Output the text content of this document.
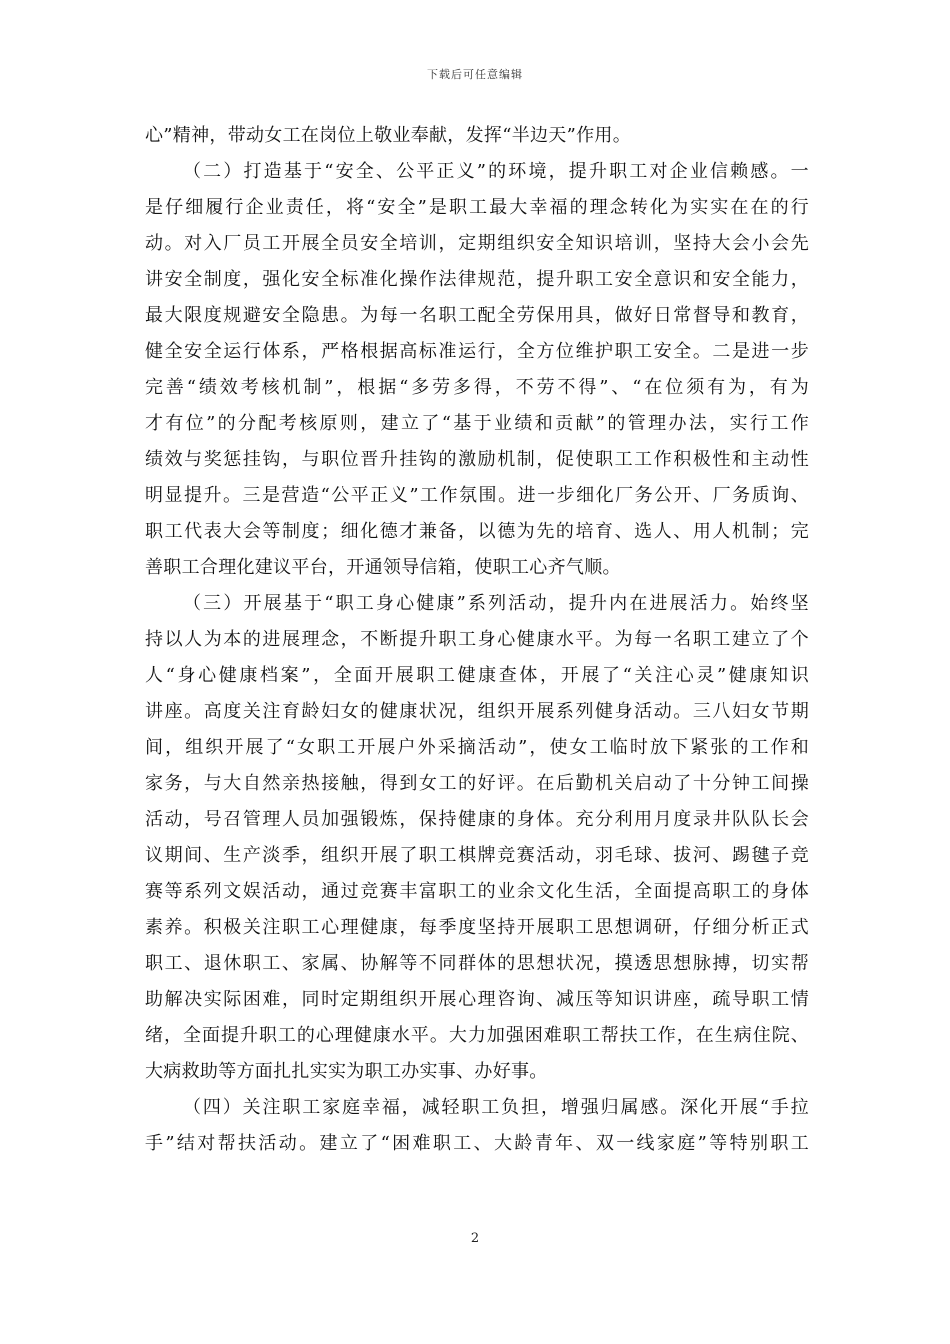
下载后可任意编辑
心”精神，带动女工在岗位上敬业奉献，发挥“半边天”作用。
（二）打造基于“安全、公平正义”的环境，提升职工对企业信赖感。一
是仔细履行企业责任，将“安全”是职工最大幸福的理念转化为实实在在的行
动。对入厂员工开展全员安全培训，定期组织安全知识培训，坚持大会小会先
讲安全制度，强化安全标准化操作法律规范，提升职工安全意识和安全能力，
最大限度规避安全隐患。为每一名职工配全劳保用具，做好日常督导和教育，
健全安全运行体系，严格根据高标准运行，全方位维护职工安全。二是进一步
完善“绩效考核机制”，根据“多劳多得，不劳不得”、“在位须有为，有为
才有位”的分配考核原则，建立了“基于业绩和贡献”的管理办法，实行工作
绩效与奖惩挂钩，与职位晋升挂钩的激励机制，促使职工工作积极性和主动性
明显提升。三是营造“公平正义”工作氛围。进一步细化厂务公开、厂务质询、
职工代表大会等制度；细化德才兼备，以德为先的培育、选人、用人机制；完
善职工合理化建议平台，开通领导信箱，使职工心齐气顺。
（三）开展基于“职工身心健康”系列活动，提升内在进展活力。始终坚
持以人为本的进展理念，不断提升职工身心健康水平。为每一名职工建立了个
人“身心健康档案”，全面开展职工健康查体，开展了“关注心灵”健康知识
讲座。高度关注育龄妇女的健康状况，组织开展系列健身活动。三八妇女节期
间，组织开展了“女职工开展户外采摘活动”，使女工临时放下紧张的工作和
家务，与大自然亲热接触，得到女工的好评。在后勤机关启动了十分钟工间操
活动，号召管理人员加强锻炼，保持健康的身体。充分利用月度录井队队长会
议期间、生产淡季，组织开展了职工棋牌竞赛活动，羽毛球、拔河、踢毽子竞
赛等系列文娱活动，通过竞赛丰富职工的业余文化生活，全面提高职工的身体
素养。积极关注职工心理健康，每季度坚持开展职工思想调研，仔细分析正式
职工、退休职工、家属、协解等不同群体的思想状况，摸透思想脉搏，切实帮
助解决实际困难，同时定期组织开展心理咨询、减压等知识讲座，疏导职工情
绪，全面提升职工的心理健康水平。大力加强困难职工帮扶工作，在生病住院、
大病救助等方面扎扎实实为职工办实事、办好事。
（四）关注职工家庭幸福，减轻职工负担，增强归属感。深化开展“手拉
手”结对帮扶活动。建立了“困难职工、大龄青年、双一线家庭”等特别职工
2
